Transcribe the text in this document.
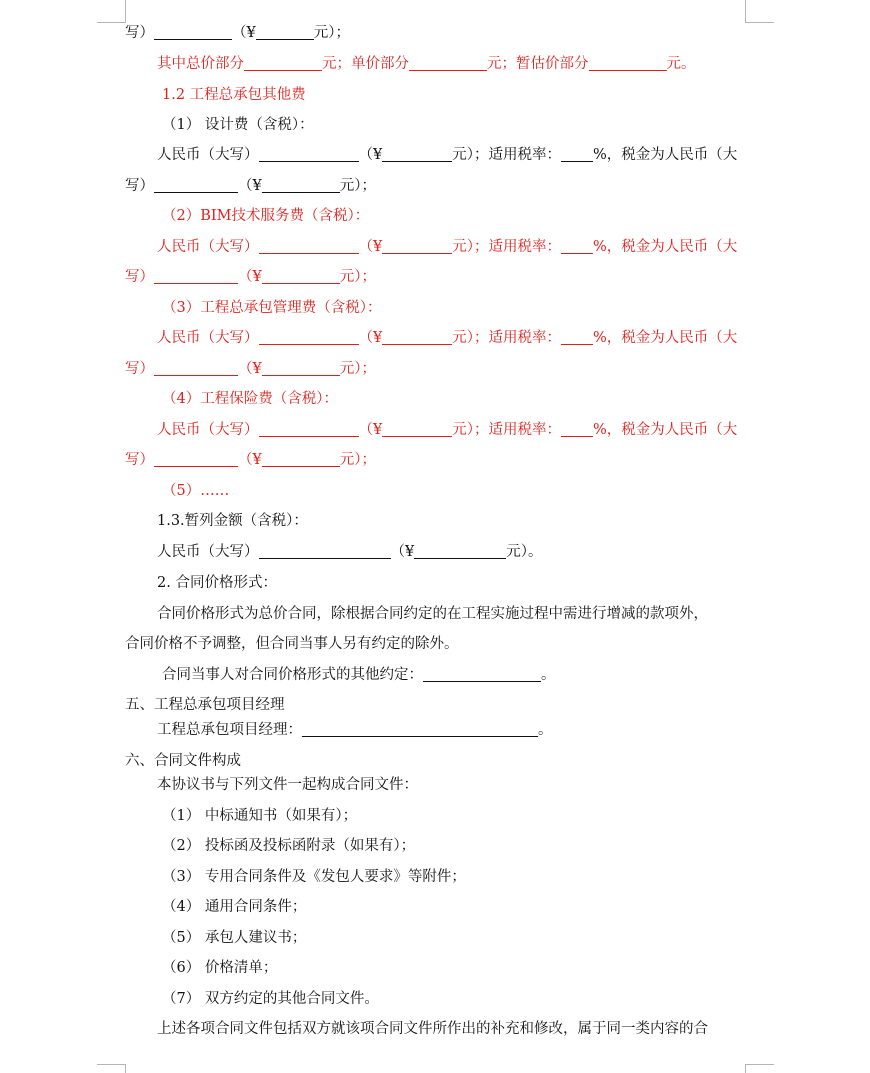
写）	（¥	元）；
其中总价部分	元；单价部分	元；暂估价部分	元。
1.2 工程总承包其他费
（1） 设计费（含税）：
人民币（大写）	（¥	元）；适用税率： %，税金为人民币（大
写）	（¥	元）；
（2）BIM技术服务费（含税）：
人民币（大写）	（¥	元）；适用税率： %，税金为人民币（大
写）	（¥	元）；
（3）工程总承包管理费（含税）：
人民币（大写）	（¥	元）；适用税率： %，税金为人民币（大
写）	（¥	元）；
（4）工程保险费（含税）：
人民币（大写）	（¥	元）；适用税率： %，税金为人民币（大
写）	（¥	元）；
（5）……
1.3.暂列金额（含税）：
人民币（大写）	（¥	元）。
2. 合同价格形式：
合同价格形式为总价合同，除根据合同约定的在工程实施过程中需进行增减的款项外，
合同价格不予调整，但合同当事人另有约定的除外。
合同当事人对合同价格形式的其他约定：	。
五、工程总承包项目经理
工程总承包项目经理：	。
六、合同文件构成
本协议书与下列文件一起构成合同文件：
（1） 中标通知书（如果有）；
（2） 投标函及投标函附录（如果有）；
（3） 专用合同条件及《发包人要求》等附件；
（4） 通用合同条件；
（5） 承包人建议书；
（6） 价格清单；
（7） 双方约定的其他合同文件。
上述各项合同文件包括双方就该项合同文件所作出的补充和修改，属于同一类内容的合
